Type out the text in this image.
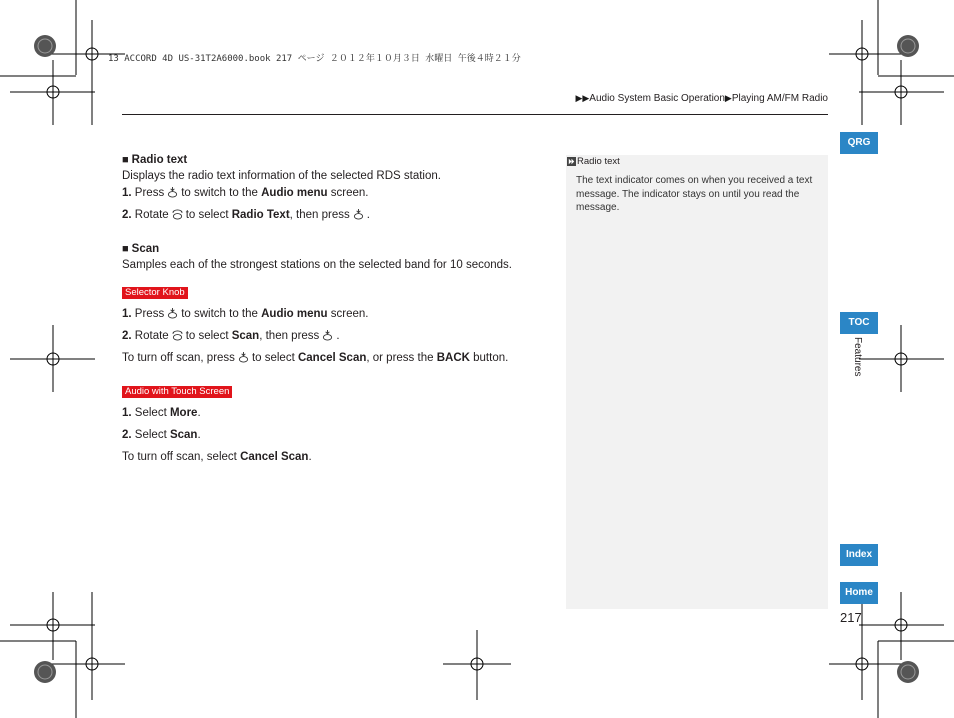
13 ACCORD 4D US-31T2A6000.book 217 ページ ２０１２年１０月３日 水曜日 午後４時２１分
▶▶Audio System Basic Operation▶Playing AM/FM Radio

■ Radio text

Displays the radio text information of the selected RDS station.

1. Press to switch to the Audio menu screen.

2. Rotate to select Radio Text, then press .

■ Scan

Samples each of the strongest stations on the selected band for 10 seconds.

Selector Knob

1. Press to switch to the Audio menu screen.

2. Rotate to select Scan, then press .

To turn off scan, press to select Cancel Scan, or press the BACK button.

Audio with Touch Screen

1. Select More.

2. Select Scan.

To turn off scan, select Cancel Scan.

Radio text
The text indicator comes on when you received a text message. The indicator stays on until you read the message.
QRG
TOC
Features
Index
Home
217
